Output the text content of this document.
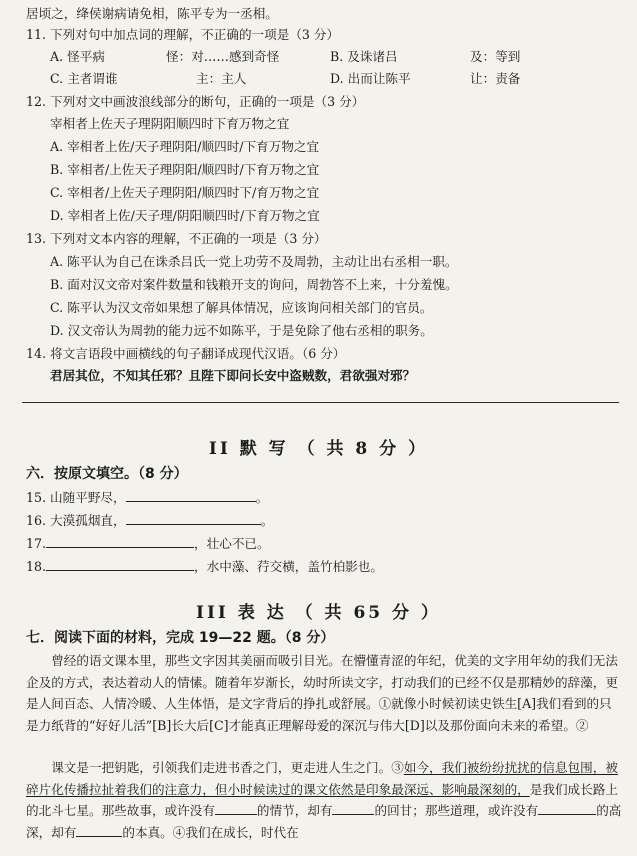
居顷之，绛侯谢病请免相，陈平专为一丞相。
11. 下列对句中加点词的理解，不正确的一项是（3 分）
A. 怪平病	怪：对……感到奇怪	B. 及诛诸吕	及：等到
C. 主者谓谁	主：主人	D. 出而让陈平	让：责备
12. 下列对文中画波浪线部分的断句，正确的一项是（3 分）
宰相者上佐天子理阴阳顺四时下育万物之宜
A. 宰相者上佐/天子理阴阳/顺四时/下育万物之宜
B. 宰相者/上佐天子理阴阳/顺四时/下育万物之宜
C. 宰相者/上佐天子理阴阳/顺四时下/育万物之宜
D. 宰相者上佐/天子理/阴阳顺四时/下育万物之宜
13. 下列对文本内容的理解，不正确的一项是（3 分）
A. 陈平认为自己在诛杀吕氏一党上功劳不及周勃，主动让出右丞相一职。
B. 面对汉文帝对案件数量和钱粮开支的询问，周勃答不上来，十分羞愧。
C. 陈平认为汉文帝如果想了解具体情况，应该询问相关部门的官员。
D. 汉文帝认为周勃的能力远不如陈平，于是免除了他右丞相的职务。
14. 将文言语段中画横线的句子翻译成现代汉语。（6 分）
君居其位，不知其任邪？且陛下即问长安中盗贼数，君欲强对邪？
II 默 写 （ 共 8 分 ）
六．按原文填空。（8 分）
15. 山随平野尽，	。
16. 大漠孤烟直，	。
17.	，壮心不已。
18.	，水中藻、荇交横，盖竹柏影也。
III 表 达 （ 共 65 分 ）
七．阅读下面的材料，完成 19—22 题。（8 分）
曾经的语文课本里，那些文字因其美丽而吸引目光。在懵懂青涩的年纪，优美的文字用年幼的我们无法企及的方式，表达着动人的情愫。随着年岁渐长，幼时所读文字，打动我们的已经不仅是那精妙的辞藻，更是人间百态、人情冷暖、人生体悟，是文字背后的挣扎或舒展。①就像小时候初读史铁生[A]我们看到的只是力纸背的“好好儿活”[B]长大后[C]才能真正理解母爱的深沉与伟大[D]以及那份面向未来的希望。②
课文是一把钥匙，引领我们走进书香之门，更走进人生之门。③如今，我们被纷纷扰扰的信息包围，被碎片化传播拉扯着我们的注意力，但小时候读过的课文依然是印象最深远、影响最深刻的，是我们成长路上的北斗七星。那些故事，或许没有	的情节，却有	的回甘；那些道理，或许没有	的高深，却有	的本真。④我们在成长，时代在
